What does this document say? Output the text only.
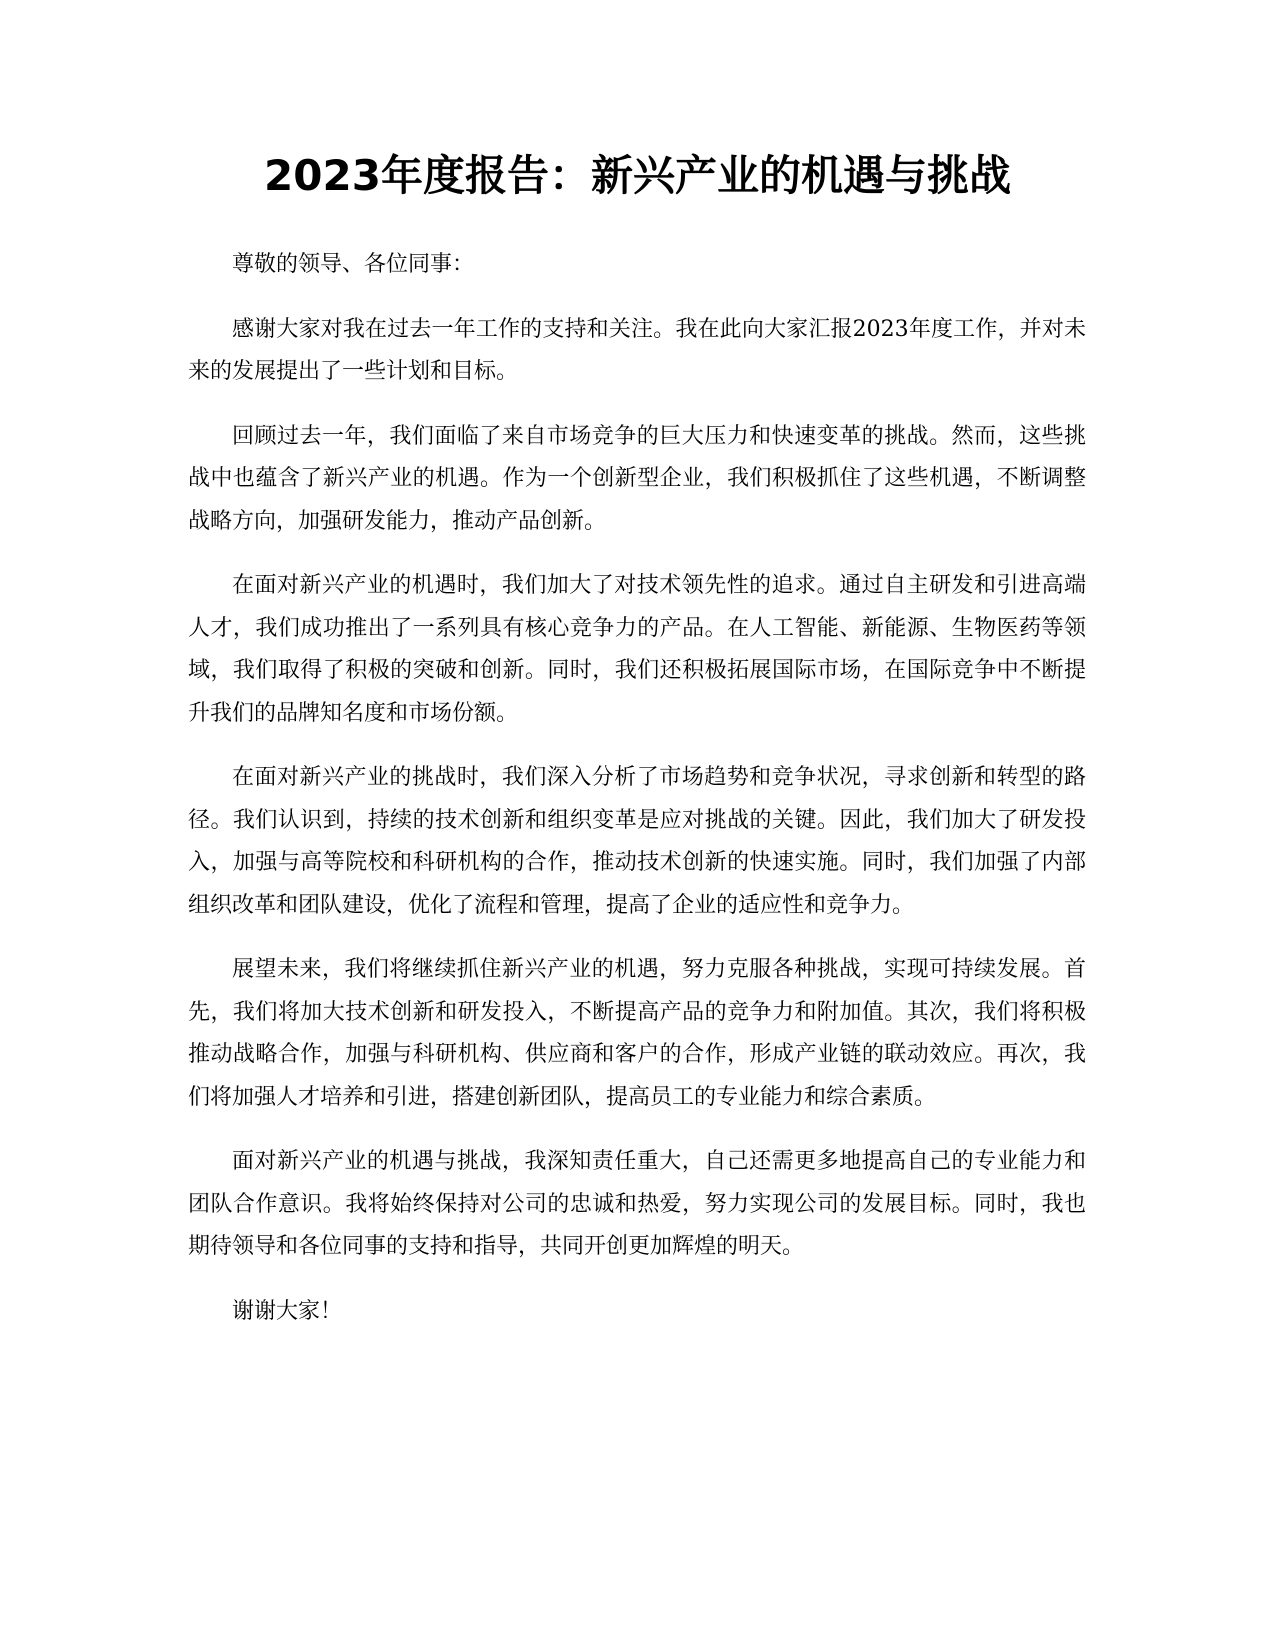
2023年度报告：新兴产业的机遇与挑战

尊敬的领导、各位同事：

感谢大家对我在过去一年工作的支持和关注。我在此向大家汇报2023年度工作，并对未来的发展提出了一些计划和目标。

回顾过去一年，我们面临了来自市场竞争的巨大压力和快速变革的挑战。然而，这些挑战中也蕴含了新兴产业的机遇。作为一个创新型企业，我们积极抓住了这些机遇，不断调整战略方向，加强研发能力，推动产品创新。

在面对新兴产业的机遇时，我们加大了对技术领先性的追求。通过自主研发和引进高端人才，我们成功推出了一系列具有核心竞争力的产品。在人工智能、新能源、生物医药等领域，我们取得了积极的突破和创新。同时，我们还积极拓展国际市场，在国际竞争中不断提升我们的品牌知名度和市场份额。

在面对新兴产业的挑战时，我们深入分析了市场趋势和竞争状况，寻求创新和转型的路径。我们认识到，持续的技术创新和组织变革是应对挑战的关键。因此，我们加大了研发投入，加强与高等院校和科研机构的合作，推动技术创新的快速实施。同时，我们加强了内部组织改革和团队建设，优化了流程和管理，提高了企业的适应性和竞争力。

展望未来，我们将继续抓住新兴产业的机遇，努力克服各种挑战，实现可持续发展。首先，我们将加大技术创新和研发投入，不断提高产品的竞争力和附加值。其次，我们将积极推动战略合作，加强与科研机构、供应商和客户的合作，形成产业链的联动效应。再次，我们将加强人才培养和引进，搭建创新团队，提高员工的专业能力和综合素质。

面对新兴产业的机遇与挑战，我深知责任重大，自己还需更多地提高自己的专业能力和团队合作意识。我将始终保持对公司的忠诚和热爱，努力实现公司的发展目标。同时，我也期待领导和各位同事的支持和指导，共同开创更加辉煌的明天。

谢谢大家！
